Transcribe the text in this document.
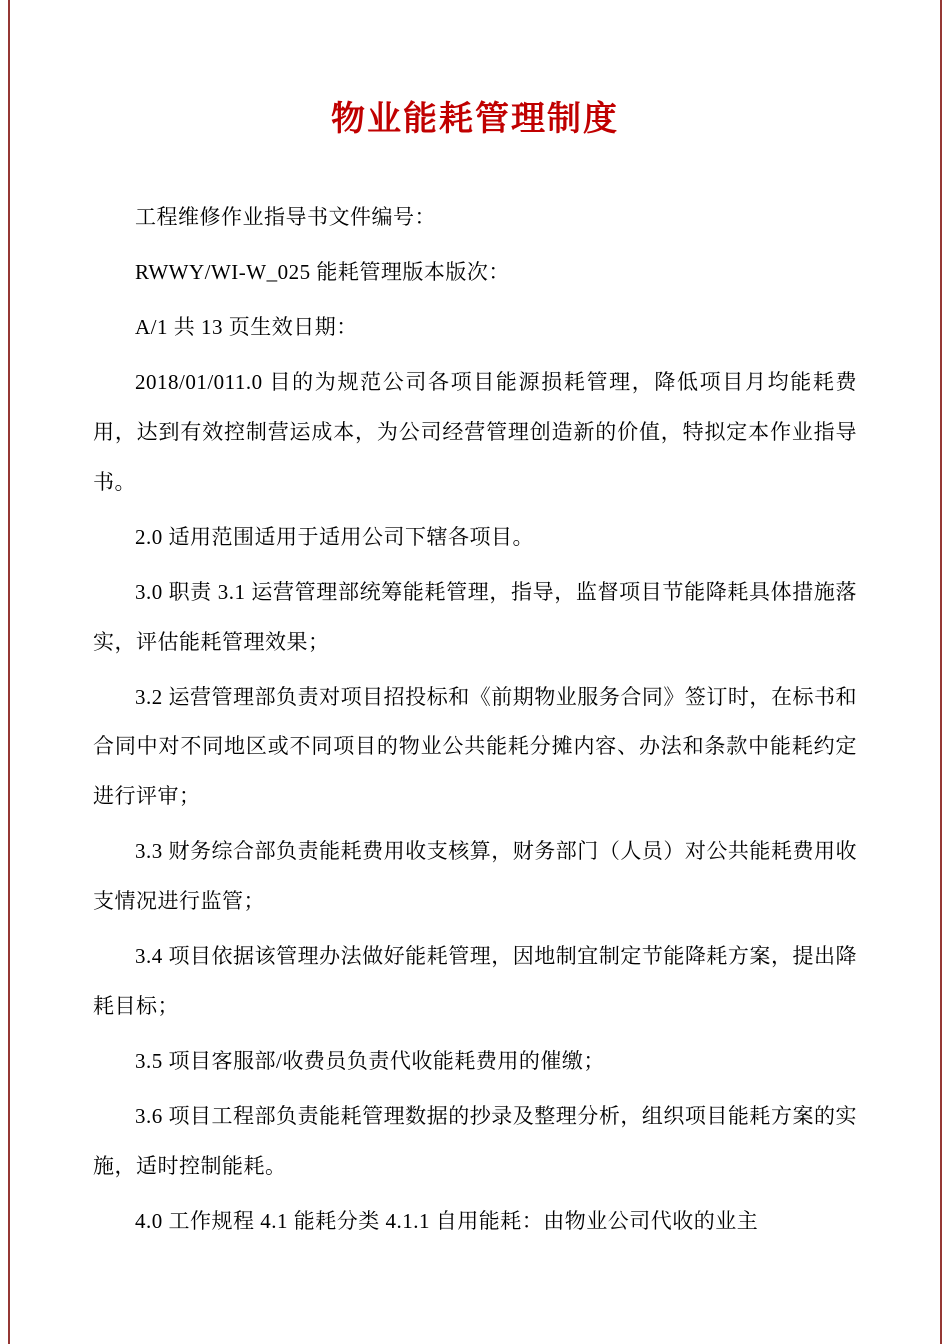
物业能耗管理制度

工程维修作业指导书文件编号：

RWWY/WI-W_025 能耗管理版本版次：

A/1 共 13 页生效日期：

2018/01/011.0 目的为规范公司各项目能源损耗管理，降低项目月均能耗费用，达到有效控制营运成本，为公司经营管理创造新的价值，特拟定本作业指导书。

2.0 适用范围适用于适用公司下辖各项目。

3.0 职责 3.1 运营管理部统筹能耗管理，指导，监督项目节能降耗具体措施落实，评估能耗管理效果；

3.2 运营管理部负责对项目招投标和《前期物业服务合同》签订时，在标书和合同中对不同地区或不同项目的物业公共能耗分摊内容、办法和条款中能耗约定进行评审；

3.3 财务综合部负责能耗费用收支核算，财务部门（人员）对公共能耗费用收支情况进行监管；

3.4 项目依据该管理办法做好能耗管理，因地制宜制定节能降耗方案，提出降耗目标；

3.5 项目客服部/收费员负责代收能耗费用的催缴；

3.6 项目工程部负责能耗管理数据的抄录及整理分析，组织项目能耗方案的实施，适时控制能耗。

4.0 工作规程 4.1 能耗分类 4.1.1 自用能耗：由物业公司代收的业主
